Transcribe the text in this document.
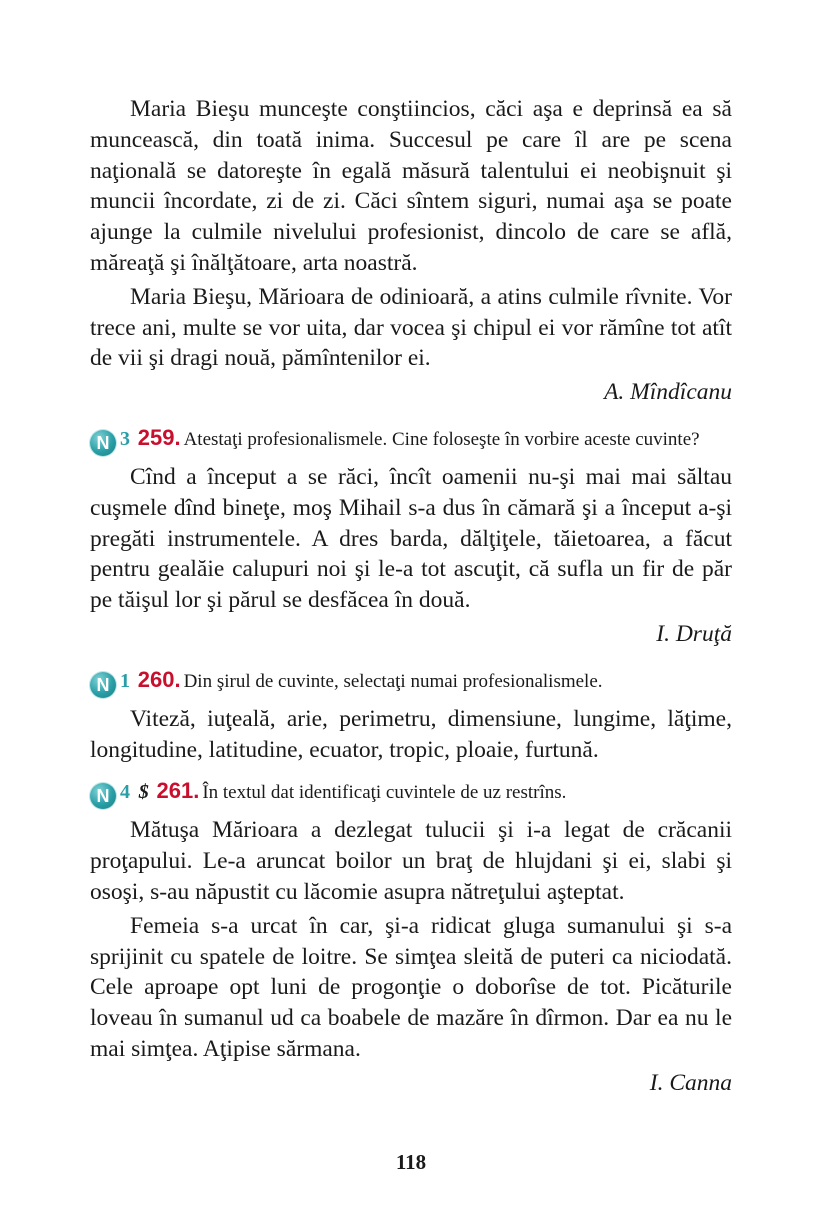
Maria Bieşu munceşte conştiincios, căci aşa e deprinsă ea să muncească, din toată inima. Succesul pe care îl are pe scena naţională se datoreşte în egală măsură talentului ei neobişnuit şi muncii încordate, zi de zi. Căci sîntem siguri, numai aşa se poate ajunge la culmile nivelului profesionist, dincolo de care se află, măreaţă şi înălţătoare, arta noastră.

Maria Bieşu, Mărioara de odinioară, a atins culmile rîvnite. Vor trece ani, multe se vor uita, dar vocea şi chipul ei vor rămîne tot atît de vii şi dragi nouă, pămîntenilor ei.

A. Mîndîcanu

N 3 259. Atestaţi profesionalismele. Cine foloseşte în vorbire aceste cuvinte?

Cînd a început a se răci, încît oamenii nu-şi mai mai săltau cuşmele dînd bineţe, moş Mihail s-a dus în cămară şi a început a-şi pregăti instrumentele. A dres barda, dălţiţele, tăietoarea, a făcut pentru gealăie calupuri noi şi le-a tot ascuţit, că sufla un fir de păr pe tăişul lor şi părul se desfăcea în două.

I. Druţă

N 1 260. Din şirul de cuvinte, selectaţi numai profesionalismele.

Viteză, iuţeală, arie, perimetru, dimensiune, lungime, lăţime, longitudine, latitudine, ecuator, tropic, ploaie, furtună.

N 4 $ 261. În textul dat identificaţi cuvintele de uz restrîns.

Mătuşa Mărioara a dezlegat tulucii şi i-a legat de crăcanii proţapului. Le-a aruncat boilor un braţ de hlujdani şi ei, slabi şi osoşi, s-au năpustit cu lăcomie asupra nătreţului aşteptat.

Femeia s-a urcat în car, şi-a ridicat gluga sumanului şi s-a sprijinit cu spatele de loitre. Se simţea sleită de puteri ca niciodată. Cele aproape opt luni de progonţie o doborîse de tot. Picăturile loveau în sumanul ud ca boabele de mazăre în dîrmon. Dar ea nu le mai simţea. Aţipise sărmana.

I. Canna

118
